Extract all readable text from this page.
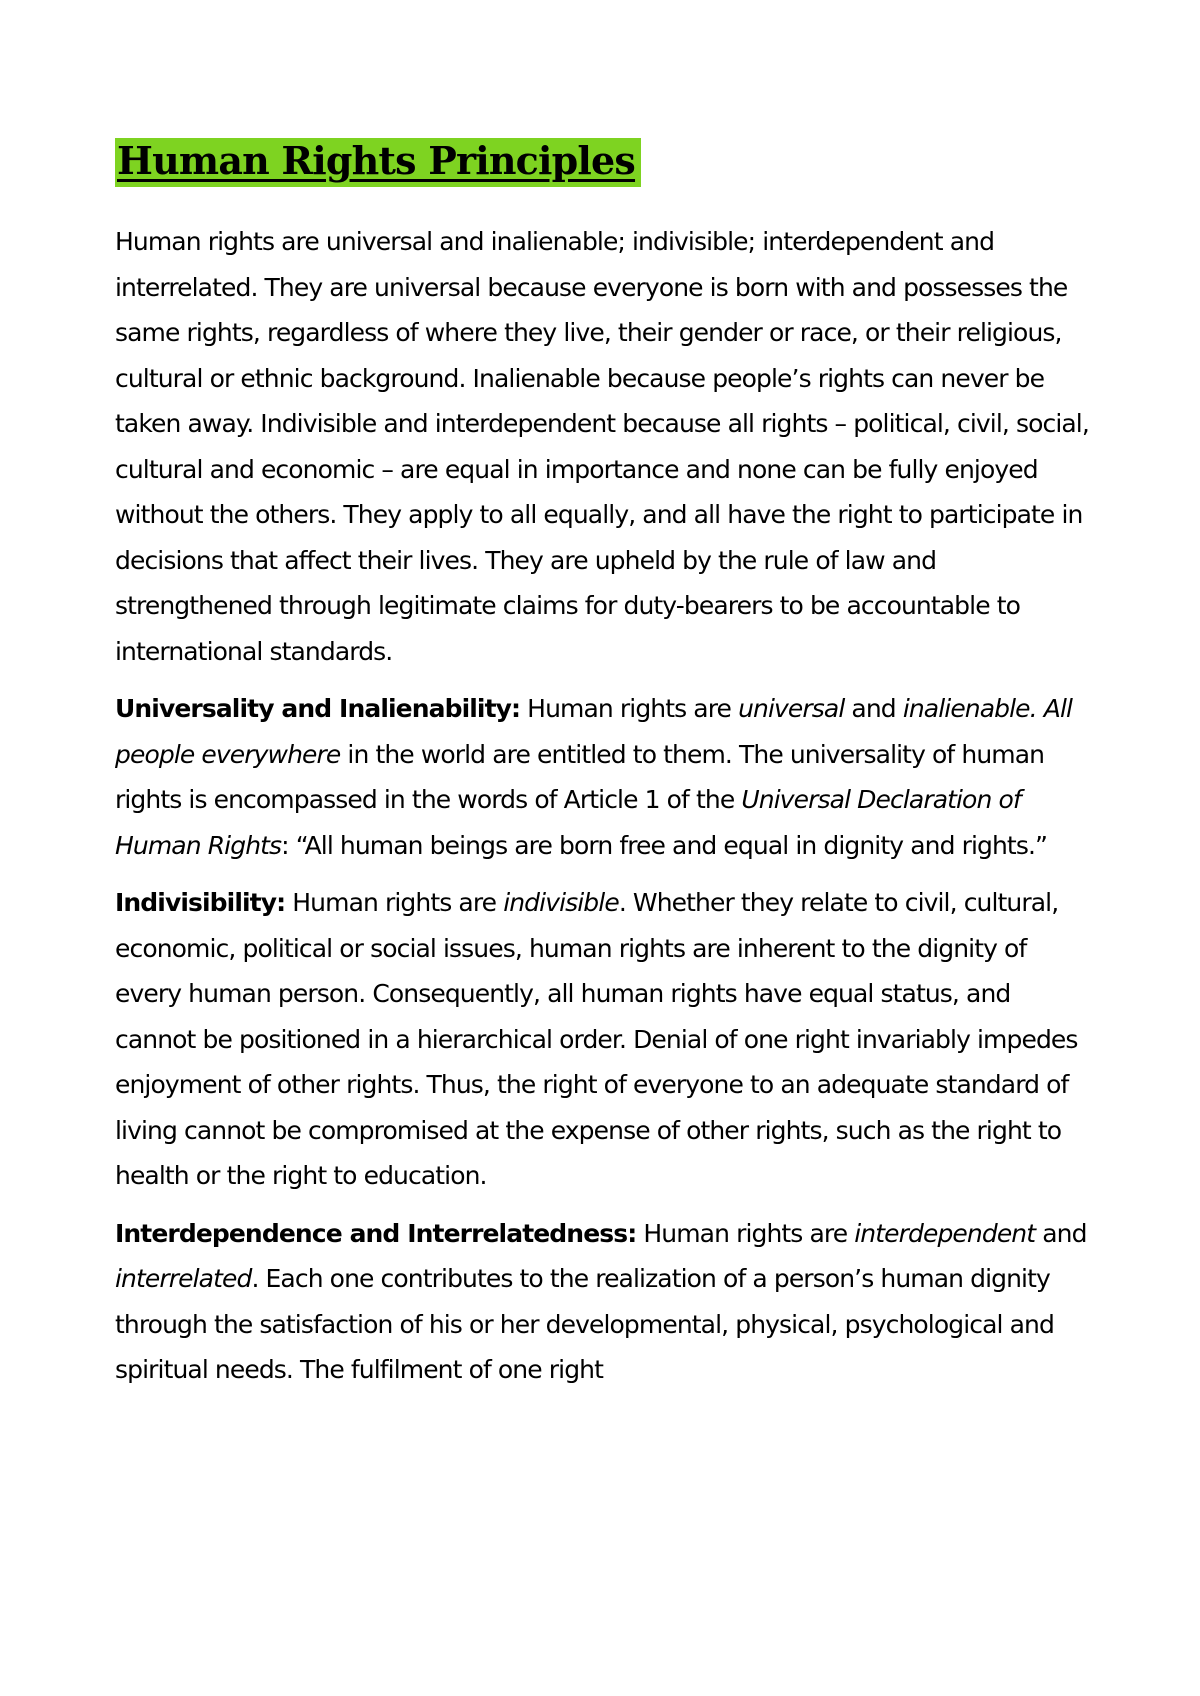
Human Rights Principles

Human rights are universal and inalienable; indivisible; interdependent and interrelated. They are universal because everyone is born with and possesses the same rights, regardless of where they live, their gender or race, or their religious, cultural or ethnic background. Inalienable because people’s rights can never be taken away. Indivisible and interdependent because all rights – political, civil, social, cultural and economic – are equal in importance and none can be fully enjoyed without the others. They apply to all equally, and all have the right to participate in decisions that affect their lives. They are upheld by the rule of law and strengthened through legitimate claims for duty-bearers to be accountable to international standards.

Universality and Inalienability: Human rights are universal and inalienable. All people everywhere in the world are entitled to them. The universality of human rights is encompassed in the words of Article 1 of the Universal Declaration of Human Rights: “All human beings are born free and equal in dignity and rights.”

Indivisibility: Human rights are indivisible. Whether they relate to civil, cultural, economic, political or social issues, human rights are inherent to the dignity of every human person. Consequently, all human rights have equal status, and cannot be positioned in a hierarchical order. Denial of one right invariably impedes enjoyment of other rights. Thus, the right of everyone to an adequate standard of living cannot be compromised at the expense of other rights, such as the right to health or the right to education.

Interdependence and Interrelatedness: Human rights are interdependent and interrelated. Each one contributes to the realization of a person’s human dignity through the satisfaction of his or her developmental, physical, psychological and spiritual needs. The fulfilment of one right
